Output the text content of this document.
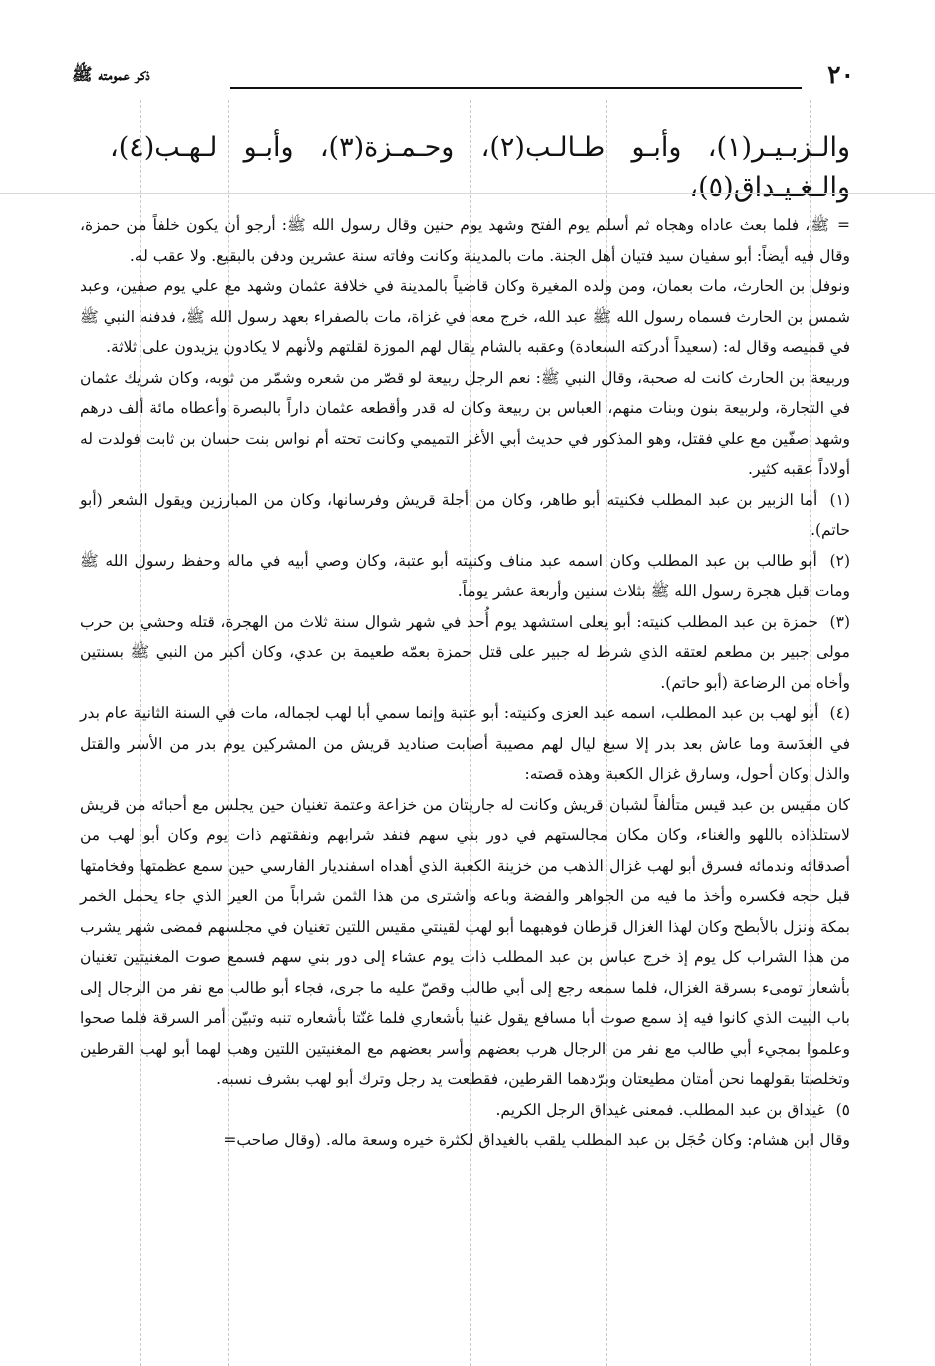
٢٠
ذكر عمومته ﷺ
والـزبـيـر(١)، وأبـو طـالـب(٢)، وحـمـزة(٣)، وأبـو لـهـب(٤)، والـغـيـداق(٥)،

=
ﷺ، فلما بعث عاداه وهجاه ثم أسلم يوم الفتح وشهد يوم حنين وقال رسول الله ﷺ: أرجو أن يكون خلفاً من حمزة، وقال فيه أيضاً: أبو سفيان سيد فتيان أهل الجنة. مات بالمدينة وكانت وفاته سنة عشرين ودفن بالبقيع. ولا عقب له.

ونوفل بن الحارث، مات بعمان، ومن ولده المغيرة وكان قاضياً بالمدينة في خلافة عثمان وشهد مع علي يوم صفين، وعبد شمس بن الحارث فسماه رسول الله ﷺ عبد الله، خرج معه في غزاة، مات بالصفراء بعهد رسول الله ﷺ، فدفنه النبي ﷺ في قميصه وقال له: (سعيداً أدركته السعادة) وعقبه بالشام يقال لهم الموزة لقلتهم ولأنهم لا يكادون يزيدون على ثلاثة.

وربيعة بن الحارث كانت له صحبة، وقال النبي ﷺ: نعم الرجل ربيعة لو قصّر من شعره وشمّر من ثوبه، وكان شريك عثمان في التجارة، ولربيعة بنون وبنات منهم، العباس بن ربيعة وكان له قدر وأقطعه عثمان داراً بالبصرة وأعطاه مائة ألف درهم وشهد صفّين مع علي فقتل، وهو المذكور في حديث أبي الأغر التميمي وكانت تحته أم نواس بنت حسان بن ثابت فولدت له أولاداً عقبه كثير.

(١) أما الزبير بن عبد المطلب فكنيته أبو طاهر، وكان من أجلة قريش وفرسانها، وكان من المبارزين ويقول الشعر (أبو حاتم).

(٢) أبو طالب بن عبد المطلب وكان اسمه عبد مناف وكنيته أبو عتبة، وكان وصي أبيه في ماله وحفظ رسول الله ﷺ ومات قبل هجرة رسول الله ﷺ بثلاث سنين وأربعة عشر يوماً.

(٣) حمزة بن عبد المطلب كنيته: أبو يعلى استشهد يوم أُحد في شهر شوال سنة ثلاث من الهجرة، قتله وحشي بن حرب مولى جبير بن مطعم لعتقه الذي شرط له جبير على قتل حمزة بعمّه طعيمة بن عدي، وكان أكبر من النبي ﷺ بسنتين وأخاه من الرضاعة (أبو حاتم).

(٤) أبو لهب بن عبد المطلب، اسمه عبد العزى وكنيته: أبو عتبة وإنما سمي أبا لهب لجماله، مات في السنة الثانية عام بدر في العدَسة وما عاش بعد بدر إلا سبع ليال لهم مصيبة أصابت صناديد قريش من المشركين يوم بدر من الأسر والقتل والذل وكان أحول، وسارق غزال الكعبة وهذه قصته:

كان مقيس بن عبد قيس متألفاً لشبان قريش وكانت له جاريتان من خزاعة وعتمة تغنيان حين يجلس مع أحبائه من قريش لاستلذاذه باللهو والغناء، وكان مكان مجالستهم في دور بني سهم فنفد شرابهم ونفقتهم ذات يوم وكان أبو لهب من أصدقائه وندمائه فسرق أبو لهب غزال الذهب من خزينة الكعبة الذي أهداه اسفنديار الفارسي حين سمع عظمتها وفخامتها قبل حجه فكسره وأخذ ما فيه من الجواهر والفضة وباعه واشترى من هذا الثمن شراباً من العير الذي جاء يحمل الخمر بمكة ونزل بالأبطح وكان لهذا الغزال قرطان فوهبهما أبو لهب لقينتي مقيس اللتين تغنيان في مجلسهم فمضى شهر يشرب من هذا الشراب كل يوم إذ خرج عباس بن عبد المطلب ذات يوم عشاء إلى دور بني سهم فسمع صوت المغنيتين تغنيان بأشعار تومىء بسرقة الغزال، فلما سمعه رجع إلى أبي طالب وقصّ عليه ما جرى، فجاء أبو طالب مع نفر من الرجال إلى باب البيت الذي كانوا فيه إذ سمع صوت أبا مسافع يقول غنيا بأشعاري فلما غنّتا بأشعاره تنبه وتبيّن أمر السرقة فلما صحوا وعلموا بمجيء أبي طالب مع نفر من الرجال هرب بعضهم وأسر بعضهم مع المغنيتين اللتين وهب لهما أبو لهب القرطين وتخلصتا بقولهما نحن أمتان مطيعتان وبرّدهما القرطين، فقطعت يد رجل وترك أبو لهب بشرف نسبه.

٥) غيداق بن عبد المطلب. فمعنى غيداق الرجل الكريم.

وقال ابن هشام: وكان حُجَل بن عبد المطلب يلقب بالغيداق لكثرة خيره وسعة ماله. (وقال صاحب=
